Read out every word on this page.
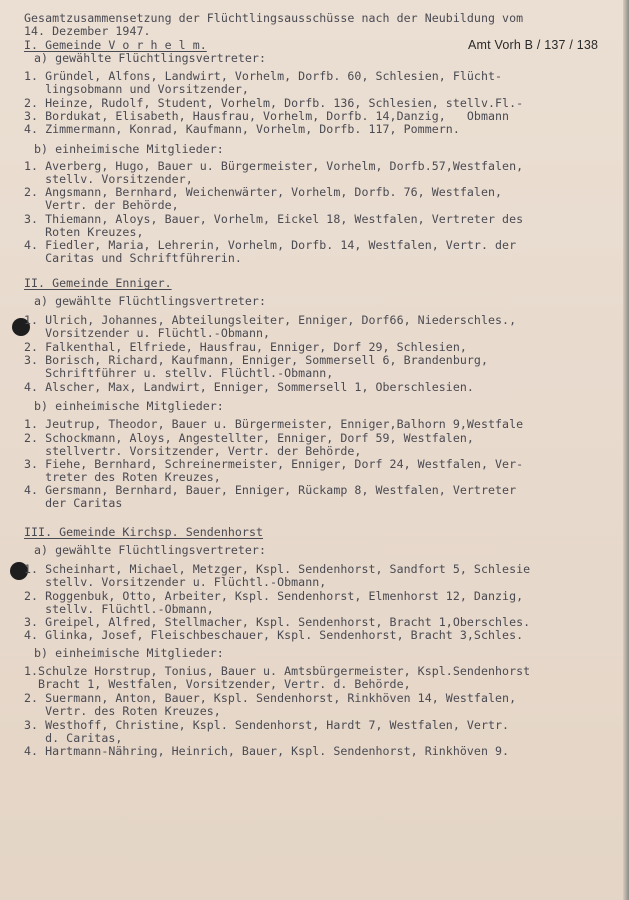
Amt Vorh B / 137 / 138
Gesamtzusammensetzung der Flüchtlingsausschüsse nach der Neubildung vom
14. Dezember 1947.
I. Gemeinde V o r h e l m.
a) gewählte Flüchtlingsvertreter:
1. Gründel, Alfons, Landwirt, Vorhelm, Dorfb. 60, Schlesien, Flücht-
lingsobmann und Vorsitzender,
2. Heinze, Rudolf, Student, Vorhelm, Dorfb. 136, Schlesien, stellv.Fl.-
3. Bordukat, Elisabeth, Hausfrau, Vorhelm, Dorfb. 14,Danzig,   Obmann
4. Zimmermann, Konrad, Kaufmann, Vorhelm, Dorfb. 117, Pommern.
b) einheimische Mitglieder:
1. Averberg, Hugo, Bauer u. Bürgermeister, Vorhelm, Dorfb.57,Westfalen,
stellv. Vorsitzender,
2. Angsmann, Bernhard, Weichenwärter, Vorhelm, Dorfb. 76, Westfalen,
Vertr. der Behörde,
3. Thiemann, Aloys, Bauer, Vorhelm, Eickel 18, Westfalen, Vertreter des
Roten Kreuzes,
4. Fiedler, Maria, Lehrerin, Vorhelm, Dorfb. 14, Westfalen, Vertr. der
Caritas und Schriftführerin.
II. Gemeinde Enniger.
a) gewählte Flüchtlingsvertreter:
1. Ulrich, Johannes, Abteilungsleiter, Enniger, Dorf66, Niederschles.,
Vorsitzender u. Flüchtl.-Obmann,
2. Falkenthal, Elfriede, Hausfrau, Enniger, Dorf 29, Schlesien,
3. Borisch, Richard, Kaufmann, Enniger, Sommersell 6, Brandenburg,
Schriftführer u. stellv. Flüchtl.-Obmann,
4. Alscher, Max, Landwirt, Enniger, Sommersell 1, Oberschlesien.
b) einheimische Mitglieder:
1. Jeutrup, Theodor, Bauer u. Bürgermeister, Enniger,Balhorn 9,Westfale
2. Schockmann, Aloys, Angestellter, Enniger, Dorf 59, Westfalen,
stellvertr. Vorsitzender, Vertr. der Behörde,
3. Fiehe, Bernhard, Schreinermeister, Enniger, Dorf 24, Westfalen, Ver-
treter des Roten Kreuzes,
4. Gersmann, Bernhard, Bauer, Enniger, Rückamp 8, Westfalen, Vertreter
der Caritas
III. Gemeinde Kirchsp. Sendenhorst
a) gewählte Flüchtlingsvertreter:
1. Scheinhart, Michael, Metzger, Kspl. Sendenhorst, Sandfort 5, Schlesie
stellv. Vorsitzender u. Flüchtl.-Obmann,
2. Roggenbuk, Otto, Arbeiter, Kspl. Sendenhorst, Elmenhorst 12, Danzig,
stellv. Flüchtl.-Obmann,
3. Greipel, Alfred, Stellmacher, Kspl. Sendenhorst, Bracht 1,Oberschles.
4. Glinka, Josef, Fleischbeschauer, Kspl. Sendenhorst, Bracht 3,Schles.
b) einheimische Mitglieder:
1.Schulze Horstrup, Tonius, Bauer u. Amtsbürgermeister, Kspl.Sendenhorst
Bracht 1, Westfalen, Vorsitzender, Vertr. d. Behörde,
2. Suermann, Anton, Bauer, Kspl. Sendenhorst, Rinkhöven 14, Westfalen,
Vertr. des Roten Kreuzes,
3. Westhoff, Christine, Kspl. Sendenhorst, Hardt 7, Westfalen, Vertr.
d. Caritas,
4. Hartmann-Nähring, Heinrich, Bauer, Kspl. Sendenhorst, Rinkhöven 9.
